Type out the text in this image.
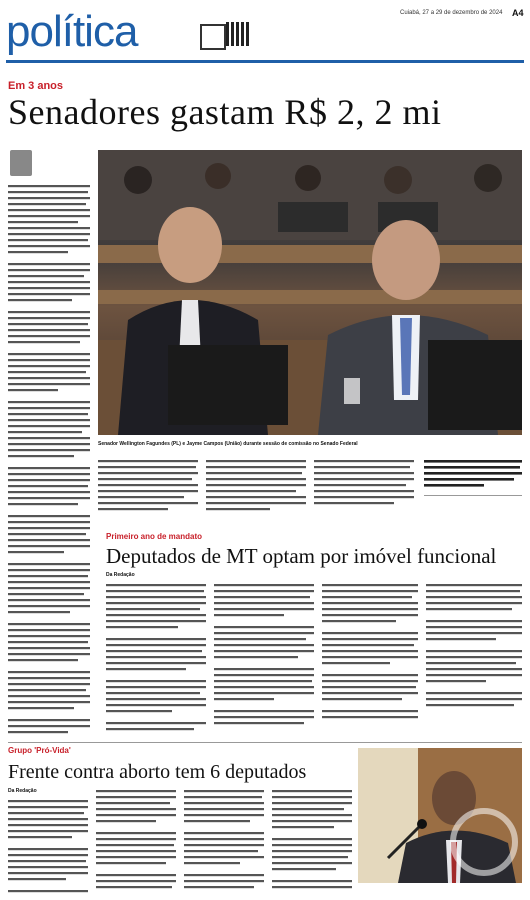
política	Cuiabá, 27 a 29 de dezembro de 2024	A4
Em 3 anos
Senadores gastam R$ 2, 2 mi
Senador Wellington Fagundes (PL) e Jayme Campos (União) durante sessão de comissão no Senado Federal
Primeiro ano de mandato
Deputados de MT optam por imóvel funcional
Da Redação
Grupo 'Pró-Vida'
Frente contra aborto tem 6 deputados
Da Redação
